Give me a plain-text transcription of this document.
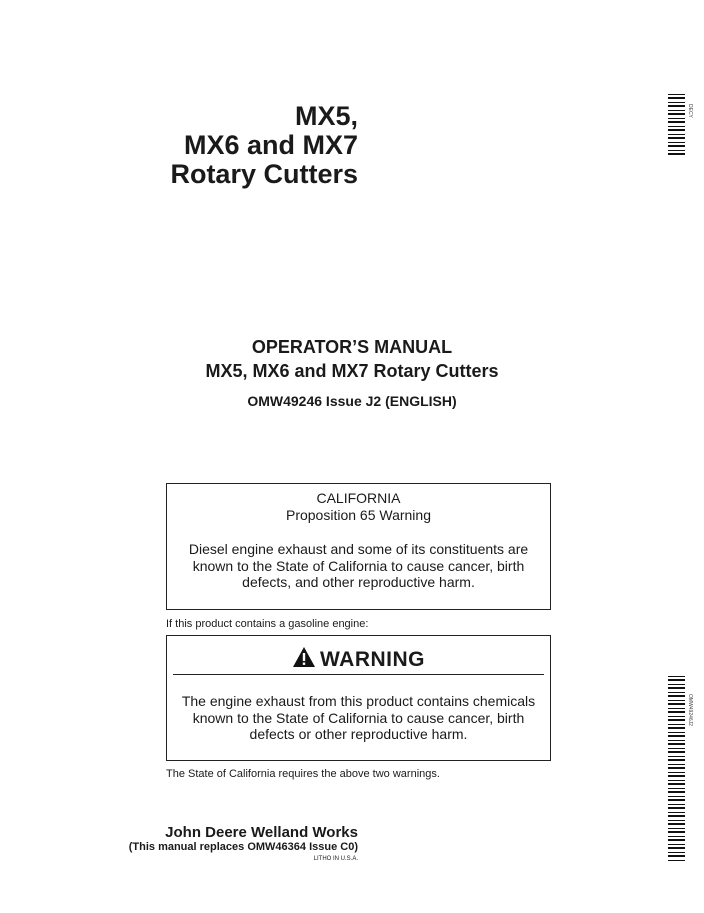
MX5,
MX6 and MX7
Rotary Cutters
OPERATOR’S MANUAL
MX5, MX6 and MX7 Rotary Cutters
OMW49246 Issue J2 (ENGLISH)
CALIFORNIA
Proposition 65 Warning
Diesel engine exhaust and some of its constituents are known to the State of California to cause cancer, birth defects, and other reproductive harm.
If this product contains a gasoline engine:
WARNING
The engine exhaust from this product contains chemicals known to the State of California to cause cancer, birth defects or other reproductive harm.
The State of California requires the above two warnings.
John Deere Welland Works
(This manual replaces OMW46364 Issue C0)
LITHO IN U.S.A.
DECY
OMW49246J2
